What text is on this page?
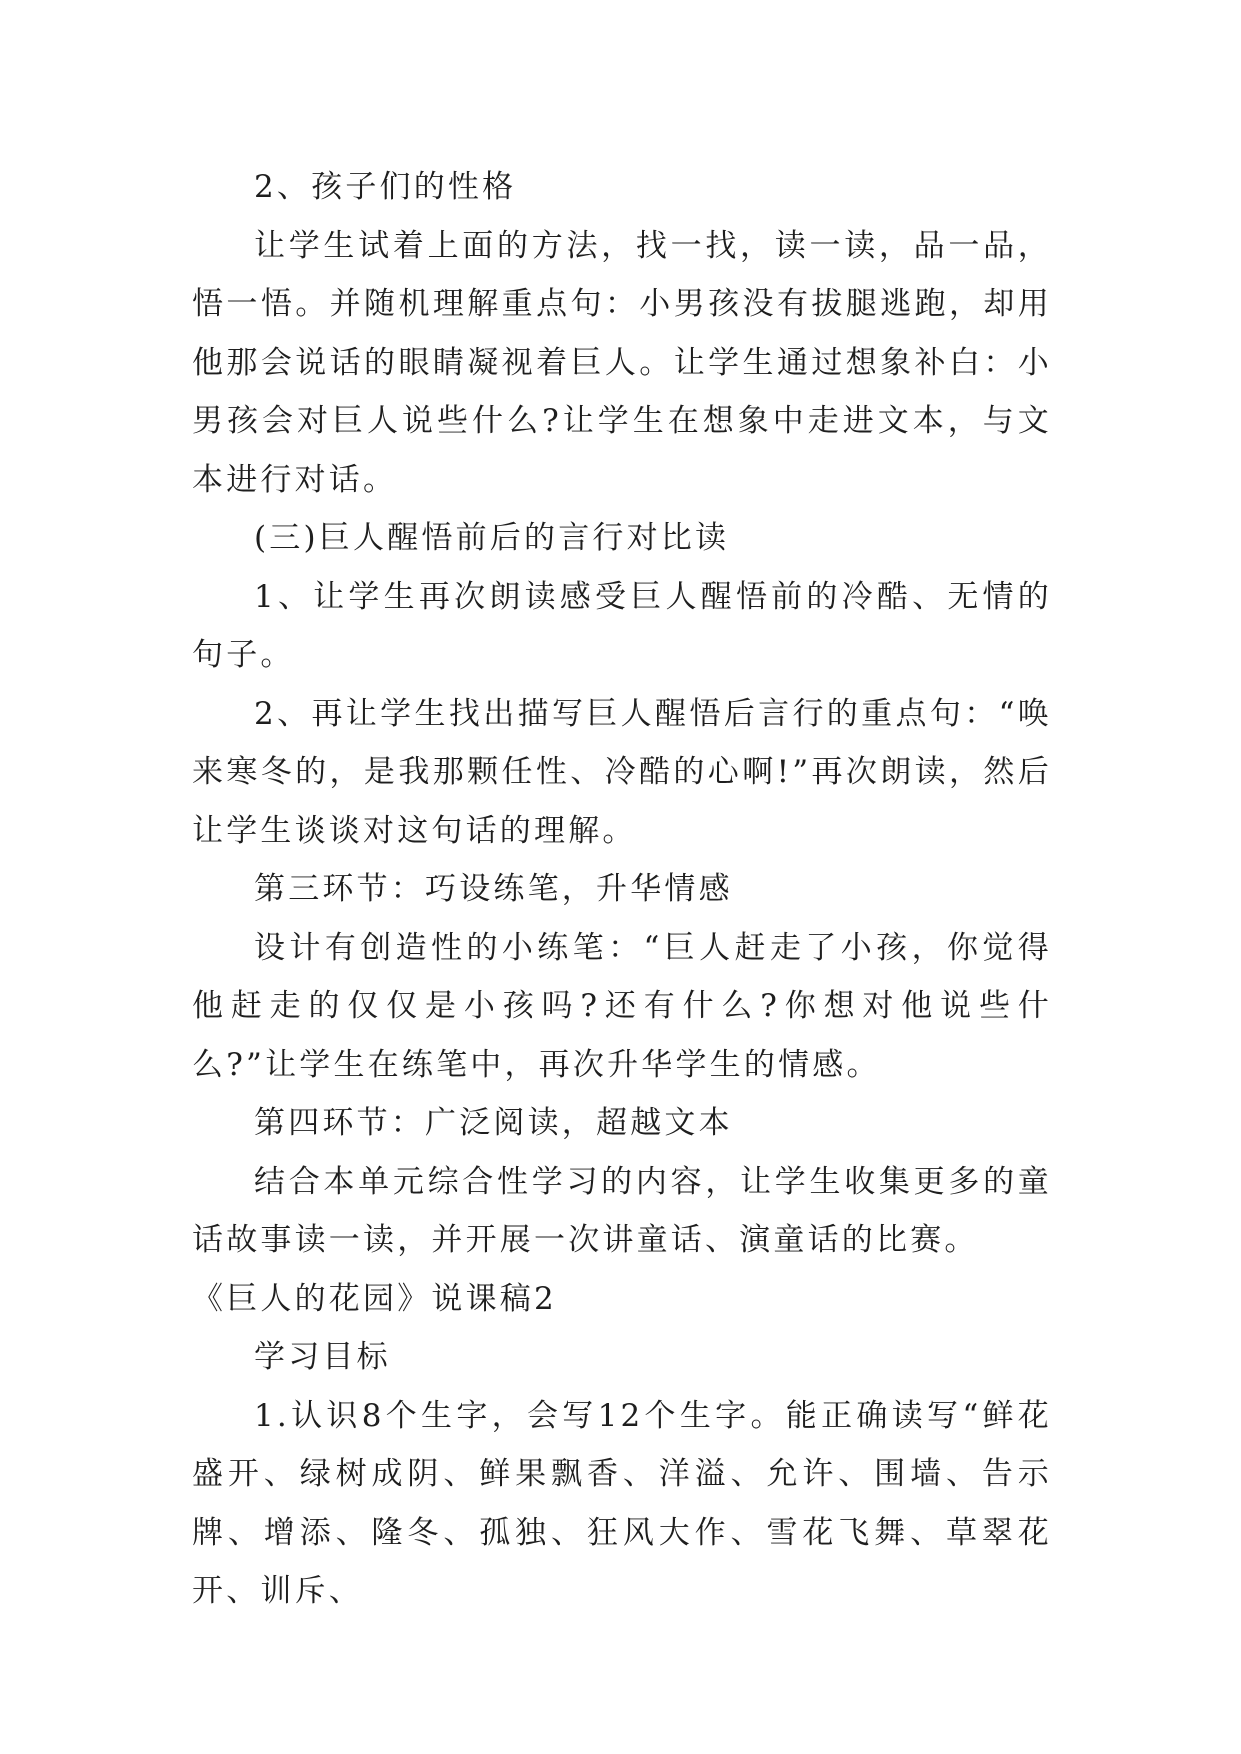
2、孩子们的性格

让学生试着上面的方法，找一找，读一读，品一品，悟一悟。并随机理解重点句：小男孩没有拔腿逃跑，却用他那会说话的眼睛凝视着巨人。让学生通过想象补白：小男孩会对巨人说些什么?让学生在想象中走进文本，与文本进行对话。

(三)巨人醒悟前后的言行对比读

1、让学生再次朗读感受巨人醒悟前的冷酷、无情的句子。

2、再让学生找出描写巨人醒悟后言行的重点句：“唤来寒冬的，是我那颗任性、冷酷的心啊!”再次朗读，然后让学生谈谈对这句话的理解。

第三环节：巧设练笔，升华情感

设计有创造性的小练笔：“巨人赶走了小孩，你觉得他赶走的仅仅是小孩吗?还有什么?你想对他说些什么?”让学生在练笔中，再次升华学生的情感。

第四环节：广泛阅读，超越文本

结合本单元综合性学习的内容，让学生收集更多的童话故事读一读，并开展一次讲童话、演童话的比赛。

《巨人的花园》说课稿2

学习目标

1.认识8个生字，会写12个生字。能正确读写“鲜花盛开、绿树成阴、鲜果飘香、洋溢、允许、围墙、告示牌、增添、隆冬、孤独、狂风大作、雪花飞舞、草翠花开、训斥、
